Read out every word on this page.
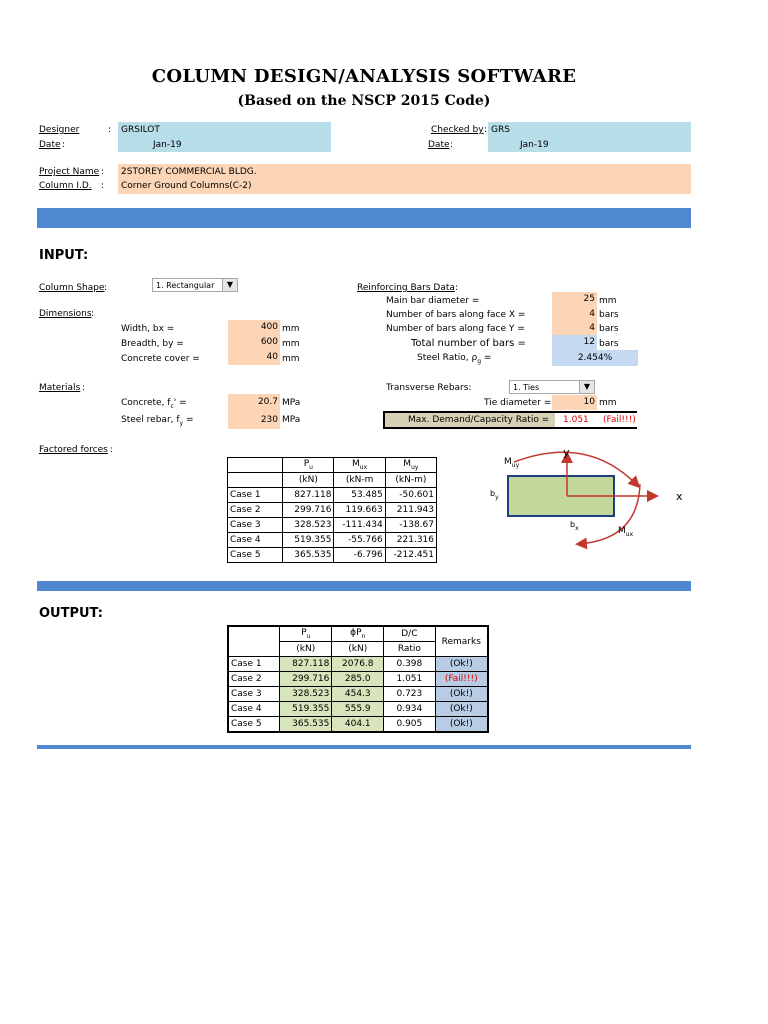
COLUMN DESIGN/ANALYSIS SOFTWARE
(Based on the NSCP 2015 Code)
Designer	: GRSILOT
Date :	Jan-19
Checked by : GRS
Date :	Jan-19
Project Name : 2STOREY COMMERCIAL BLDG.
Column I.D. : Corner Ground Columns(C-2)
INPUT:
Column Shape :	1. Rectangular	▼
Dimensions :
Width, bx =	400 mm
Breadth, by =	600 mm
Concrete cover =	40 mm
Materials :
Concrete, $f_c'$ =	20.7 MPa
Steel rebar, $f_y$ =	230 MPa
Factored forces :
Reinforcing Bars Data :
Main bar diameter =	25 mm
Number of bars along face X =	4 bars
Number of bars along face Y =	4 bars
Total number of bars =	12 bars
Steel Ratio, $\rho_g$ =	2.454%
Transverse Rebars:	1. Ties	▼
Tie diameter =	10 mm
Max. Demand/Capacity Ratio = 1.051 (Fail!!!)
	$P_u$	$M_{ux}$	$M_{uy}$
	(kN)	(kN-m	(kN-m)
Case 1	827.118	53.485	-50.601
Case 2	299.716	119.663	211.943
Case 3	328.523	-111.434	-138.67
Case 4	519.355	-55.766	221.316
Case 5	365.535	-6.796	-212.451
y
x
$M_{uy}$
$M_{ux}$
$b_y$
$b_x$
OUTPUT:
	$P_u$	$\phi P_n$	D/C	Remarks
	(kN)	(kN)	Ratio	
Case 1	827.118	2076.8	0.398	(Ok!)
Case 2	299.716	285.0	1.051	(Fail!!!)
Case 3	328.523	454.3	0.723	(Ok!)
Case 4	519.355	555.9	0.934	(Ok!)
Case 5	365.535	404.1	0.905	(Ok!)
